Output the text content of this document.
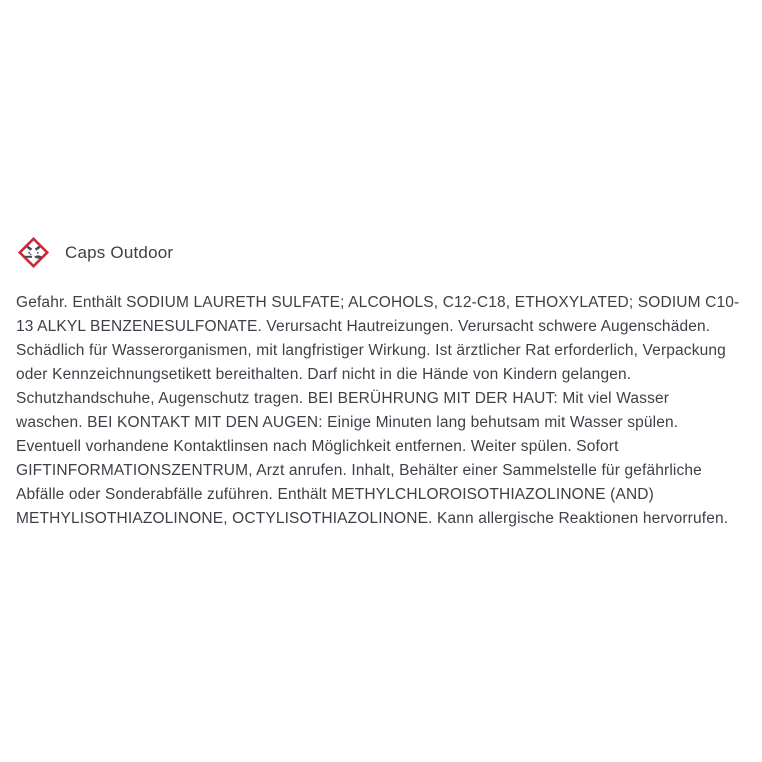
Caps Outdoor
Gefahr. Enthält SODIUM LAURETH SULFATE; ALCOHOLS, C12-C18, ETHOXYLATED; SODIUM C10-13 ALKYL BENZENESULFONATE. Verursacht Hautreizungen. Verursacht schwere Augenschäden. Schädlich für Wasserorganismen, mit langfristiger Wirkung. Ist ärztlicher Rat erforderlich, Verpackung oder Kennzeichnungsetikett bereithalten. Darf nicht in die Hände von Kindern gelangen. Schutzhandschuhe, Augenschutz tragen. BEI BERÜHRUNG MIT DER HAUT: Mit viel Wasser waschen. BEI KONTAKT MIT DEN AUGEN: Einige Minuten lang behutsam mit Wasser spülen. Eventuell vorhandene Kontaktlinsen nach Möglichkeit entfernen. Weiter spülen. Sofort GIFTINFORMATIONSZENTRUM, Arzt anrufen. Inhalt, Behälter einer Sammelstelle für gefährliche Abfälle oder Sonderabfälle zuführen. Enthält METHYLCHLOROISOTHIAZOLINONE (AND) METHYLISOTHIAZOLINONE, OCTYLISOTHIAZOLINONE. Kann allergische Reaktionen hervorrufen.
